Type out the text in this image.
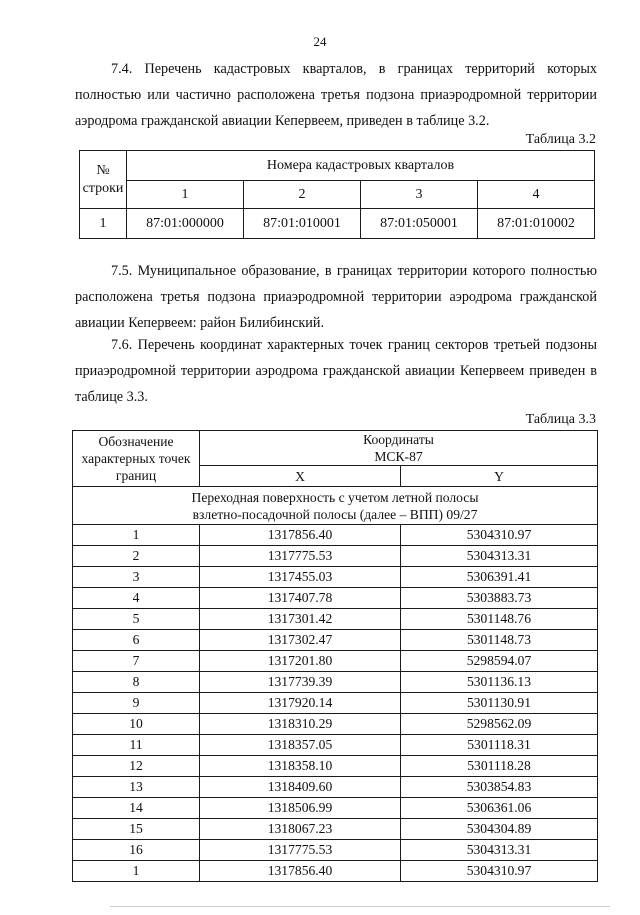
24

7.4. Перечень кадастровых кварталов, в границах территорий которых
полностью или частично расположена третья подзона приаэродромной территории
аэродрома гражданской авиации Кепервеем, приведен в таблице 3.2.

Таблица 3.2
№ строки	Номера кадастровых кварталов			
	1	2	3	4
1	87:01:000000	87:01:010001	87:01:050001	87:01:010002

7.5. Муниципальное образование, в границах территории которого полностью
расположена третья подзона приаэродромной территории аэродрома гражданской
авиации Кепервеем: район Билибинский.

7.6. Перечень координат характерных точек границ секторов третьей подзоны
приаэродромной территории аэродрома гражданской авиации Кепервеем приведен в
таблице 3.3.

Таблица 3.3
Обозначение характерных точек границ	Координаты
МСК-87	
	X	Y
Переходная поверхность с учетом летной полосы
взлетно-посадочной полосы (далее – ВПП) 09/27		
1	1317856.40	5304310.97
2	1317775.53	5304313.31
3	1317455.03	5306391.41
4	1317407.78	5303883.73
5	1317301.42	5301148.76
6	1317302.47	5301148.73
7	1317201.80	5298594.07
8	1317739.39	5301136.13
9	1317920.14	5301130.91
10	1318310.29	5298562.09
11	1318357.05	5301118.31
12	1318358.10	5301118.28
13	1318409.60	5303854.83
14	1318506.99	5306361.06
15	1318067.23	5304304.89
16	1317775.53	5304313.31
1	1317856.40	5304310.97
